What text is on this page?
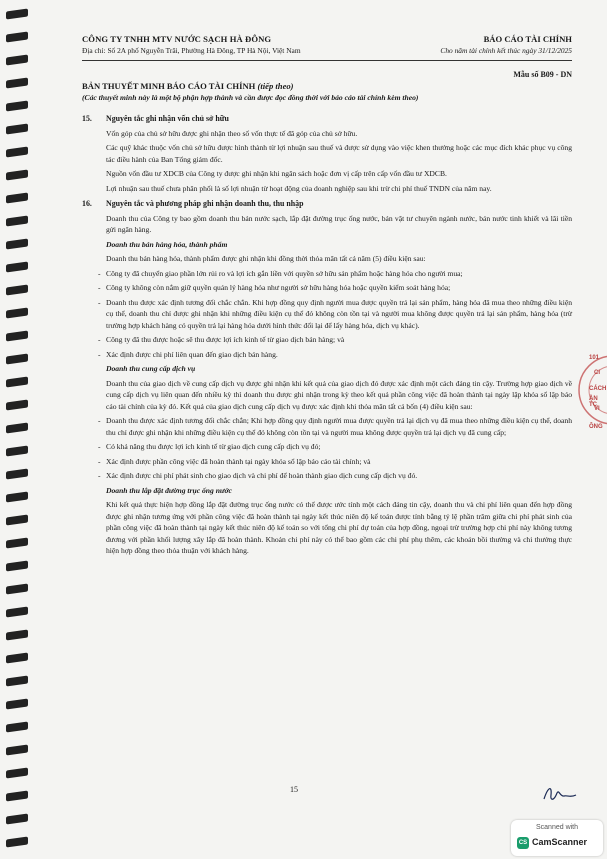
CÔNG TY TNHH MTV NƯỚC SẠCH HÀ ĐÔNG
Địa chỉ: Số 2A phố Nguyễn Trãi, Phường Hà Đông, TP Hà Nội, Việt Nam
BÁO CÁO TÀI CHÍNH
Cho năm tài chính kết thúc ngày 31/12/2025
Mẫu số B09 - DN
BẢN THUYẾT MINH BÁO CÁO TÀI CHÍNH (tiếp theo)
(Các thuyết minh này là một bộ phận hợp thành và cần được đọc đồng thời với báo cáo tài chính kèm theo)
15.	Nguyên tắc ghi nhận vốn chủ sở hữu

Vốn góp của chủ sở hữu được ghi nhận theo số vốn thực tế đã góp của chủ sở hữu.

Các quỹ khác thuộc vốn chủ sở hữu được hình thành từ lợi nhuận sau thuế và được sử dụng vào việc khen thưởng hoặc các mục đích khác phục vụ công tác điều hành của Ban Tổng giám đốc.

Nguồn vốn đầu tư XDCB của Công ty được ghi nhận khi ngân sách hoặc đơn vị cấp trên cấp vốn đầu tư XDCB.

Lợi nhuận sau thuế chưa phân phối là số lợi nhuận từ hoạt động của doanh nghiệp sau khi trừ chi phí thuế TNDN của năm nay.

16.	Nguyên tắc và phương pháp ghi nhận doanh thu, thu nhập

Doanh thu của Công ty bao gồm doanh thu bán nước sạch, lắp đặt đường trục ống nước, bán vật tư chuyên ngành nước, bán nước tinh khiết và lãi tiền gửi ngân hàng.

Doanh thu bán hàng hóa, thành phẩm

Doanh thu bán hàng hóa, thành phẩm được ghi nhận khi đồng thời thỏa mãn tất cả năm (5) điều kiện sau:

- Công ty đã chuyển giao phần lớn rủi ro và lợi ích gắn liền với quyền sở hữu sản phẩm hoặc hàng hóa cho người mua;
- Công ty không còn nắm giữ quyền quản lý hàng hóa như người sở hữu hàng hóa hoặc quyền kiểm soát hàng hóa;
- Doanh thu được xác định tương đối chắc chắn. Khi hợp đồng quy định người mua được quyền trả lại sản phẩm, hàng hóa đã mua theo những điều kiện cụ thể, doanh thu chỉ được ghi nhận khi những điều kiện cụ thể đó không còn tồn tại và người mua không được quyền trả lại sản phẩm, hàng hóa (trừ trường hợp khách hàng có quyền trả lại hàng hóa dưới hình thức đổi lại để lấy hàng hóa, dịch vụ khác).
- Công ty đã thu được hoặc sẽ thu được lợi ích kinh tế từ giao dịch bán hàng; và
- Xác định được chi phí liên quan đến giao dịch bán hàng.
Doanh thu cung cấp dịch vụ

Doanh thu của giao dịch về cung cấp dịch vụ được ghi nhận khi kết quả của giao dịch đó được xác định một cách đáng tin cậy. Trường hợp giao dịch về cung cấp dịch vụ liên quan đến nhiều kỳ thì doanh thu được ghi nhận trong kỳ theo kết quả phần công việc đã hoàn thành tại ngày lập khóa sổ lập báo cáo tài chính của kỳ đó. Kết quả của giao dịch cung cấp dịch vụ được xác định khi thỏa mãn tất cả bốn (4) điều kiện sau:

- Doanh thu được xác định tương đối chắc chắn; Khi hợp đồng quy định người mua được quyền trả lại dịch vụ đã mua theo những điều kiện cụ thể, doanh thu chỉ được ghi nhận khi những điều kiện cụ thể đó không còn tồn tại và người mua không được quyền trả lại dịch vụ đã cung cấp;
- Có khả năng thu được lợi ích kinh tế từ giao dịch cung cấp dịch vụ đó;
- Xác định được phần công việc đã hoàn thành tại ngày khóa sổ lập báo cáo tài chính; và
- Xác định được chi phí phát sinh cho giao dịch và chi phí để hoàn thành giao dịch cung cấp dịch vụ đó.
Doanh thu lắp đặt đường trục ống nước

Khi kết quả thực hiện hợp đồng lắp đặt đường trục ống nước có thể được ước tính một cách đáng tin cậy, doanh thu và chi phí liên quan đến hợp đồng được ghi nhận tương ứng với phần công việc đã hoàn thành tại ngày kết thúc niên độ kế toán được tính bằng tỷ lệ phần trăm giữa chi phí phát sinh của phần công việc đã hoàn thành tại ngày kết thúc niên độ kế toán so với tổng chi phí dự toán của hợp đồng, ngoại trừ trường hợp chi phí này không tương đương với phần khối lượng xây lắp đã hoàn thành. Khoản chi phí này có thể bao gồm các chi phí phụ thêm, các khoản bồi thường và chi thưởng thực hiện hợp đồng theo thỏa thuận với khách hàng.

15
101
CI
CÁCH
ẦN TC
VI
ÔNG
Scanned with
CS CamScanner
